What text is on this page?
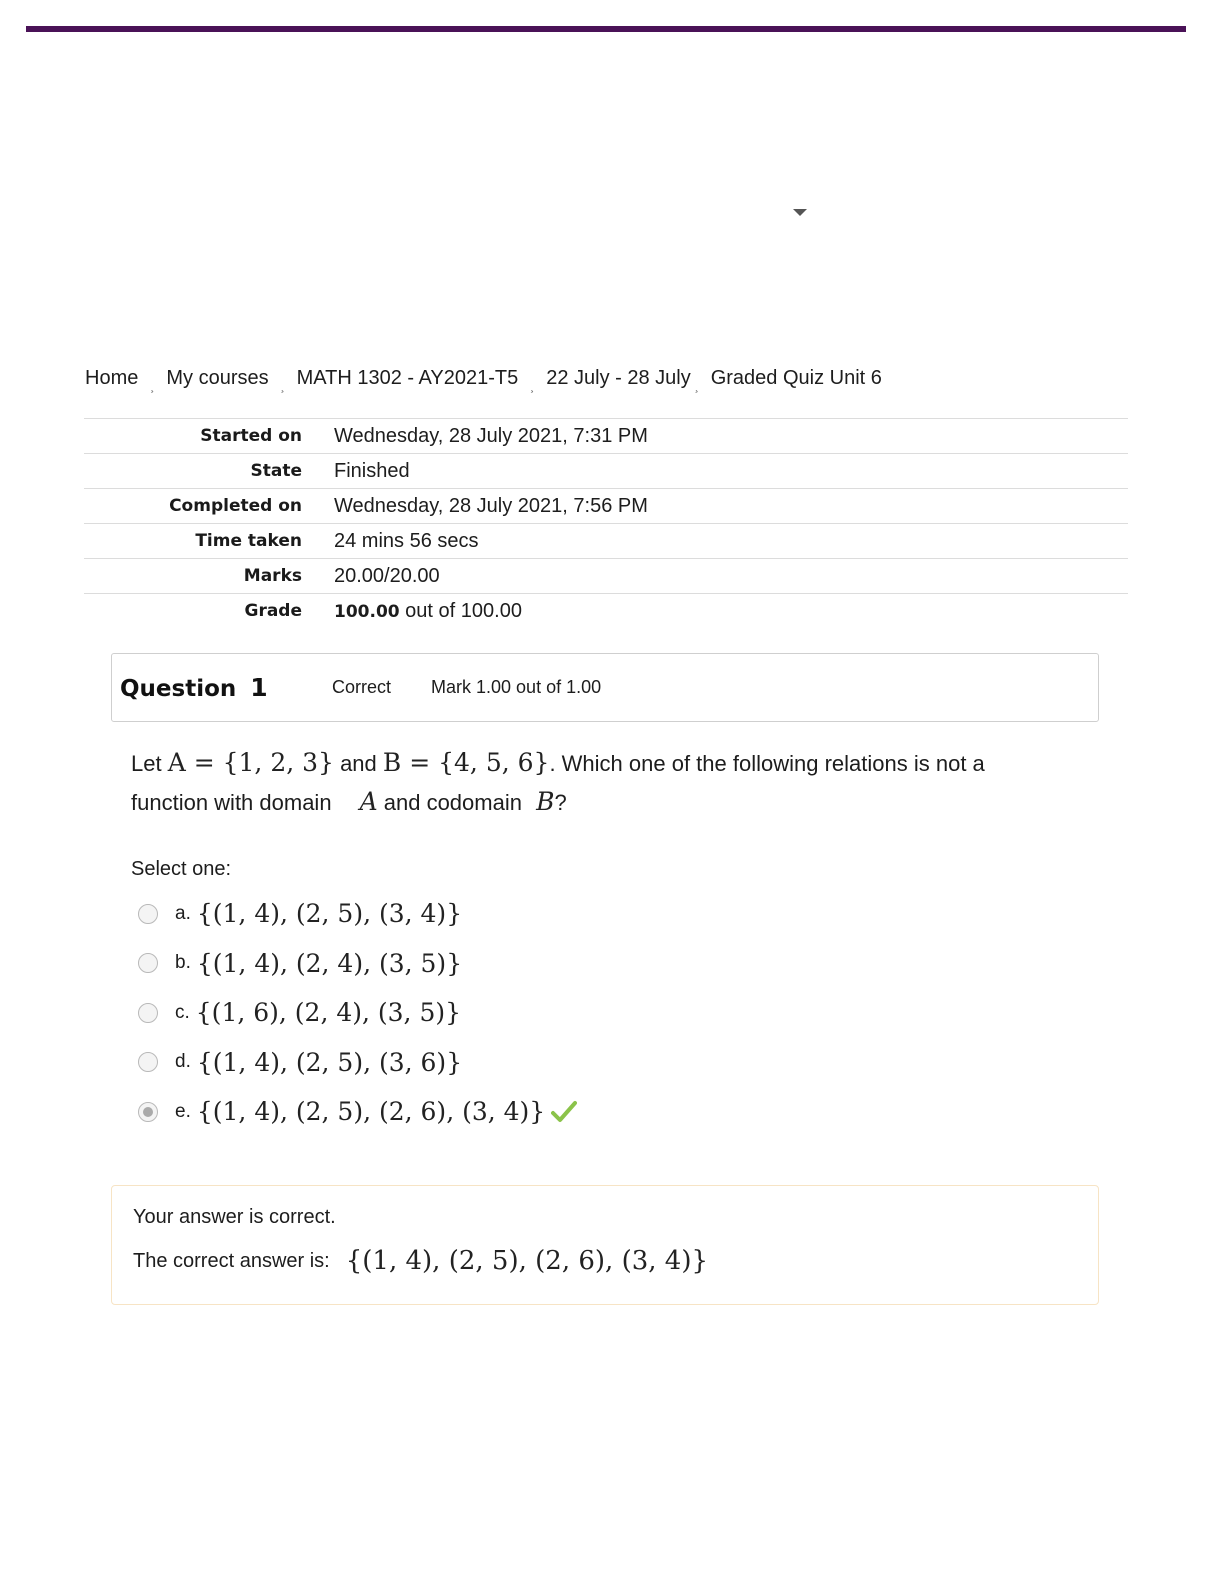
Home ¸ My courses ¸ MATH 1302 - AY2021-T5 ¸ 22 July - 28 July ¸ Graded Quiz Unit 6
Started on	Wednesday, 28 July 2021, 7:31 PM
State	Finished
Completed on	Wednesday, 28 July 2021, 7:56 PM
Time taken	24 mins 56 secs
Marks	20.00/20.00
Grade	100.00 out of 100.00
Question 1	Correct Mark 1.00 out of 1.00
Let A = {1, 2, 3} and B = {4, 5, 6}. Which one of the following relations is not a
function with domain A and codomain B?
Select one:
a. {(1, 4), (2, 5), (3, 4)}
b. {(1, 4), (2, 4), (3, 5)}
c. {(1, 6), (2, 4), (3, 5)}
d. {(1, 4), (2, 5), (3, 6)}
e. {(1, 4), (2, 5), (2, 6), (3, 4)}
Your answer is correct.
The correct answer is: {(1, 4), (2, 5), (2, 6), (3, 4)}
